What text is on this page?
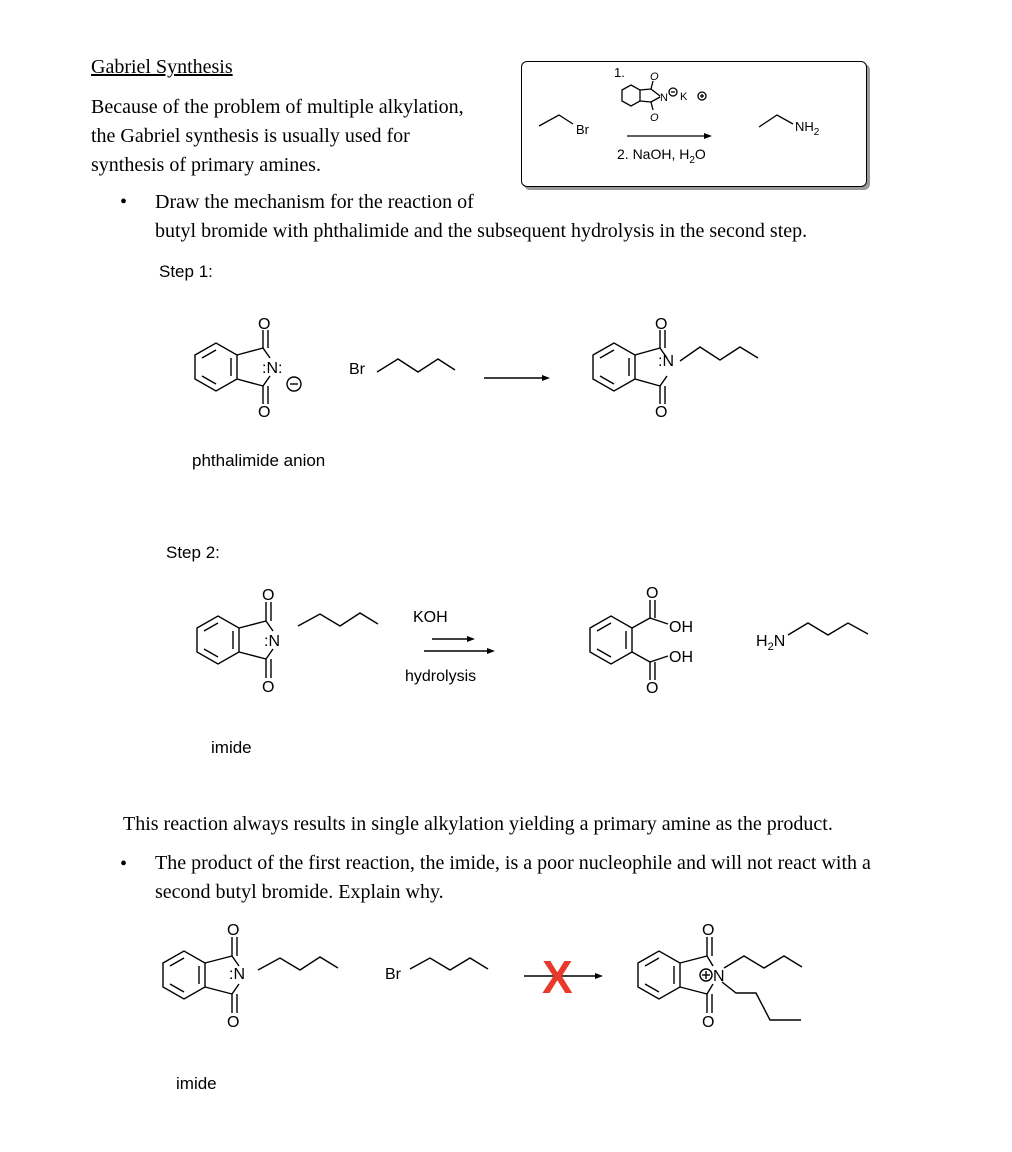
Gabriel Synthesis
Because of the problem of multiple alkylation,
the Gabriel synthesis is usually used for
synthesis of primary amines.
Br
1. O
O
N K
2. NaOH, $H_2O$
$NH_2$
• Draw the mechanism for the reaction of
butyl bromide with phthalimide and the subsequent hydrolysis in the second step.
Step 1:
O
O
:N:	Br
O
O
:N
phthalimide anion
Step 2:
O
O
:N
KOH
hydrolysis
O
O
OH
OH
$H_2N$
imide
This reaction always results in single alkylation yielding a primary amine as the product.
• The product of the first reaction, the imide, is a poor nucleophile and will not react with a
second butyl bromide. Explain why.
O
O
:N	Br	X
O
O
N
imide
